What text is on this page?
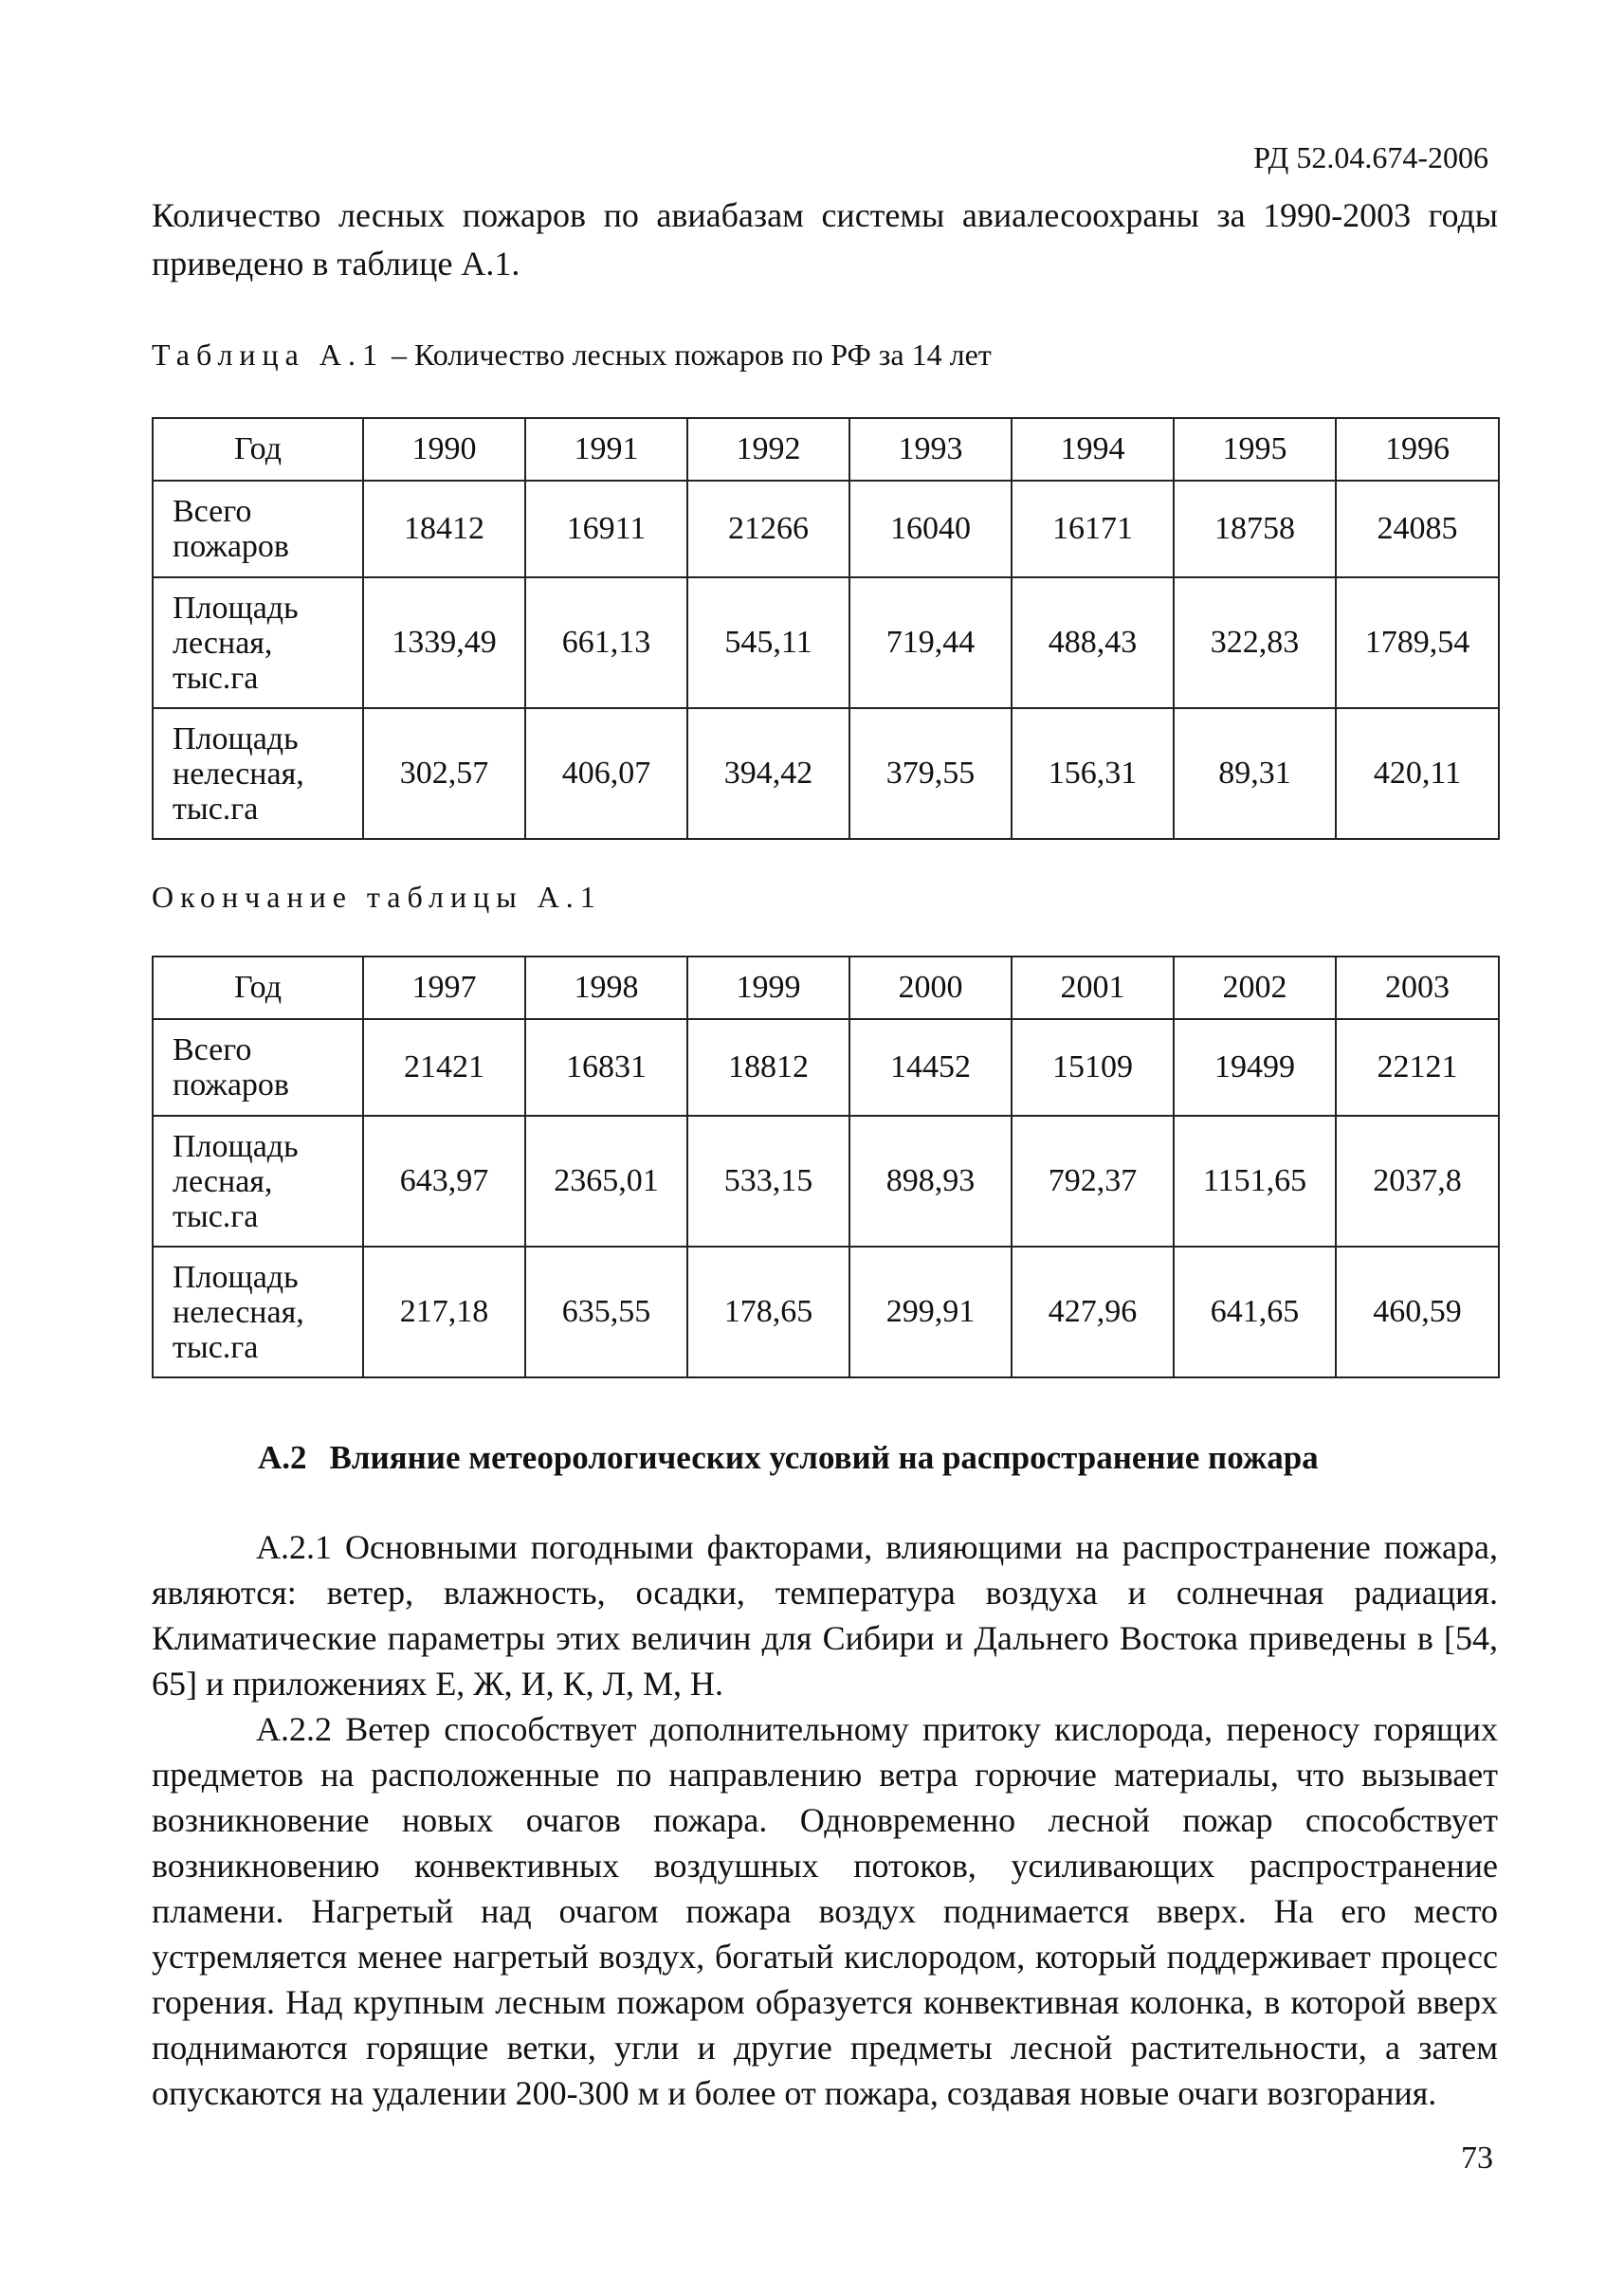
РД 52.04.674-2006
Количество лесных пожаров по авиабазам системы авиалесоохраны за 1990-2003 годы приведено в таблице А.1.
Таблица А.1 – Количество лесных пожаров по РФ за 14 лет
Год	1990	1991	1992	1993	1994	1995	1996
Всего
пожаров	18412	16911	21266	16040	16171	18758	24085
Площадь
лесная,
тыс.га	1339,49	661,13	545,11	719,44	488,43	322,83	1789,54
Площадь
нелесная,
тыс.га	302,57	406,07	394,42	379,55	156,31	89,31	420,11
Окончание таблицы А.1
Год	1997	1998	1999	2000	2001	2002	2003
Всего
пожаров	21421	16831	18812	14452	15109	19499	22121
Площадь
лесная,
тыс.га	643,97	2365,01	533,15	898,93	792,37	1151,65	2037,8
Площадь
нелесная,
тыс.га	217,18	635,55	178,65	299,91	427,96	641,65	460,59
А.2 Влияние метеорологических условий на распространение пожара

А.2.1 Основными погодными факторами, влияющими на распространение пожара, являются: ветер, влажность, осадки, температура воздуха и солнечная радиация. Климатические параметры этих величин для Сибири и Дальнего Востока приведены в [54, 65] и приложениях Е, Ж, И, К, Л, М, Н.

А.2.2 Ветер способствует дополнительному притоку кислорода, переносу горящих предметов на расположенные по направлению ветра горючие материалы, что вызывает возникновение новых очагов пожара. Одновременно лесной пожар способствует возникновению конвективных воздушных потоков, усиливающих распространение пламени. Нагретый над очагом пожара воздух поднимается вверх. На его место устремляется менее нагретый воздух, богатый кислородом, который поддерживает процесс горения. Над крупным лесным пожаром образуется конвективная колонка, в которой вверх поднимаются горящие ветки, угли и другие предметы лесной растительности, а затем опускаются на удалении 200-300 м и более от пожара, создавая новые очаги возгорания.

73
